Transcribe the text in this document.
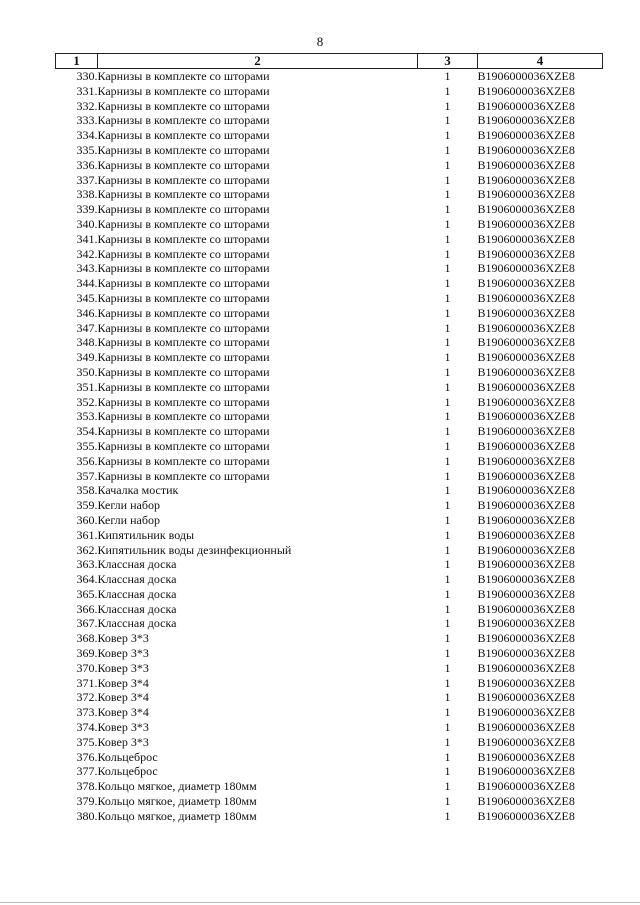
8
1	2	3	4
330.	Карнизы в комплекте со шторами	1	B1906000036XZE8
331.	Карнизы в комплекте со шторами	1	B1906000036XZE8
332.	Карнизы в комплекте со шторами	1	B1906000036XZE8
333.	Карнизы в комплекте со шторами	1	B1906000036XZE8
334.	Карнизы в комплекте со шторами	1	B1906000036XZE8
335.	Карнизы в комплекте со шторами	1	B1906000036XZE8
336.	Карнизы в комплекте со шторами	1	B1906000036XZE8
337.	Карнизы в комплекте со шторами	1	B1906000036XZE8
338.	Карнизы в комплекте со шторами	1	B1906000036XZE8
339.	Карнизы в комплекте со шторами	1	B1906000036XZE8
340.	Карнизы в комплекте со шторами	1	B1906000036XZE8
341.	Карнизы в комплекте со шторами	1	B1906000036XZE8
342.	Карнизы в комплекте со шторами	1	B1906000036XZE8
343.	Карнизы в комплекте со шторами	1	B1906000036XZE8
344.	Карнизы в комплекте со шторами	1	B1906000036XZE8
345.	Карнизы в комплекте со шторами	1	B1906000036XZE8
346.	Карнизы в комплекте со шторами	1	B1906000036XZE8
347.	Карнизы в комплекте со шторами	1	B1906000036XZE8
348.	Карнизы в комплекте со шторами	1	B1906000036XZE8
349.	Карнизы в комплекте со шторами	1	B1906000036XZE8
350.	Карнизы в комплекте со шторами	1	B1906000036XZE8
351.	Карнизы в комплекте со шторами	1	B1906000036XZE8
352.	Карнизы в комплекте со шторами	1	B1906000036XZE8
353.	Карнизы в комплекте со шторами	1	B1906000036XZE8
354.	Карнизы в комплекте со шторами	1	B1906000036XZE8
355.	Карнизы в комплекте со шторами	1	B1906000036XZE8
356.	Карнизы в комплекте со шторами	1	B1906000036XZE8
357.	Карнизы в комплекте со шторами	1	B1906000036XZE8
358.	Качалка мостик	1	B1906000036XZE8
359.	Кегли набор	1	B1906000036XZE8
360.	Кегли набор	1	B1906000036XZE8
361.	Кипятильник воды	1	B1906000036XZE8
362.	Кипятильник воды дезинфекционный	1	B1906000036XZE8
363.	Классная доска	1	B1906000036XZE8
364.	Классная доска	1	B1906000036XZE8
365.	Классная доска	1	B1906000036XZE8
366.	Классная доска	1	B1906000036XZE8
367.	Классная доска	1	B1906000036XZE8
368.	Ковер 3*3	1	B1906000036XZE8
369.	Ковер 3*3	1	B1906000036XZE8
370.	Ковер 3*3	1	B1906000036XZE8
371.	Ковер 3*4	1	B1906000036XZE8
372.	Ковер 3*4	1	B1906000036XZE8
373.	Ковер 3*4	1	B1906000036XZE8
374.	Ковер 3*3	1	B1906000036XZE8
375.	Ковер 3*3	1	B1906000036XZE8
376.	Кольцеброс	1	B1906000036XZE8
377.	Кольцеброс	1	B1906000036XZE8
378.	Кольцо мягкое, диаметр 180мм	1	B1906000036XZE8
379.	Кольцо мягкое, диаметр 180мм	1	B1906000036XZE8
380.	Кольцо мягкое, диаметр 180мм	1	B1906000036XZE8
